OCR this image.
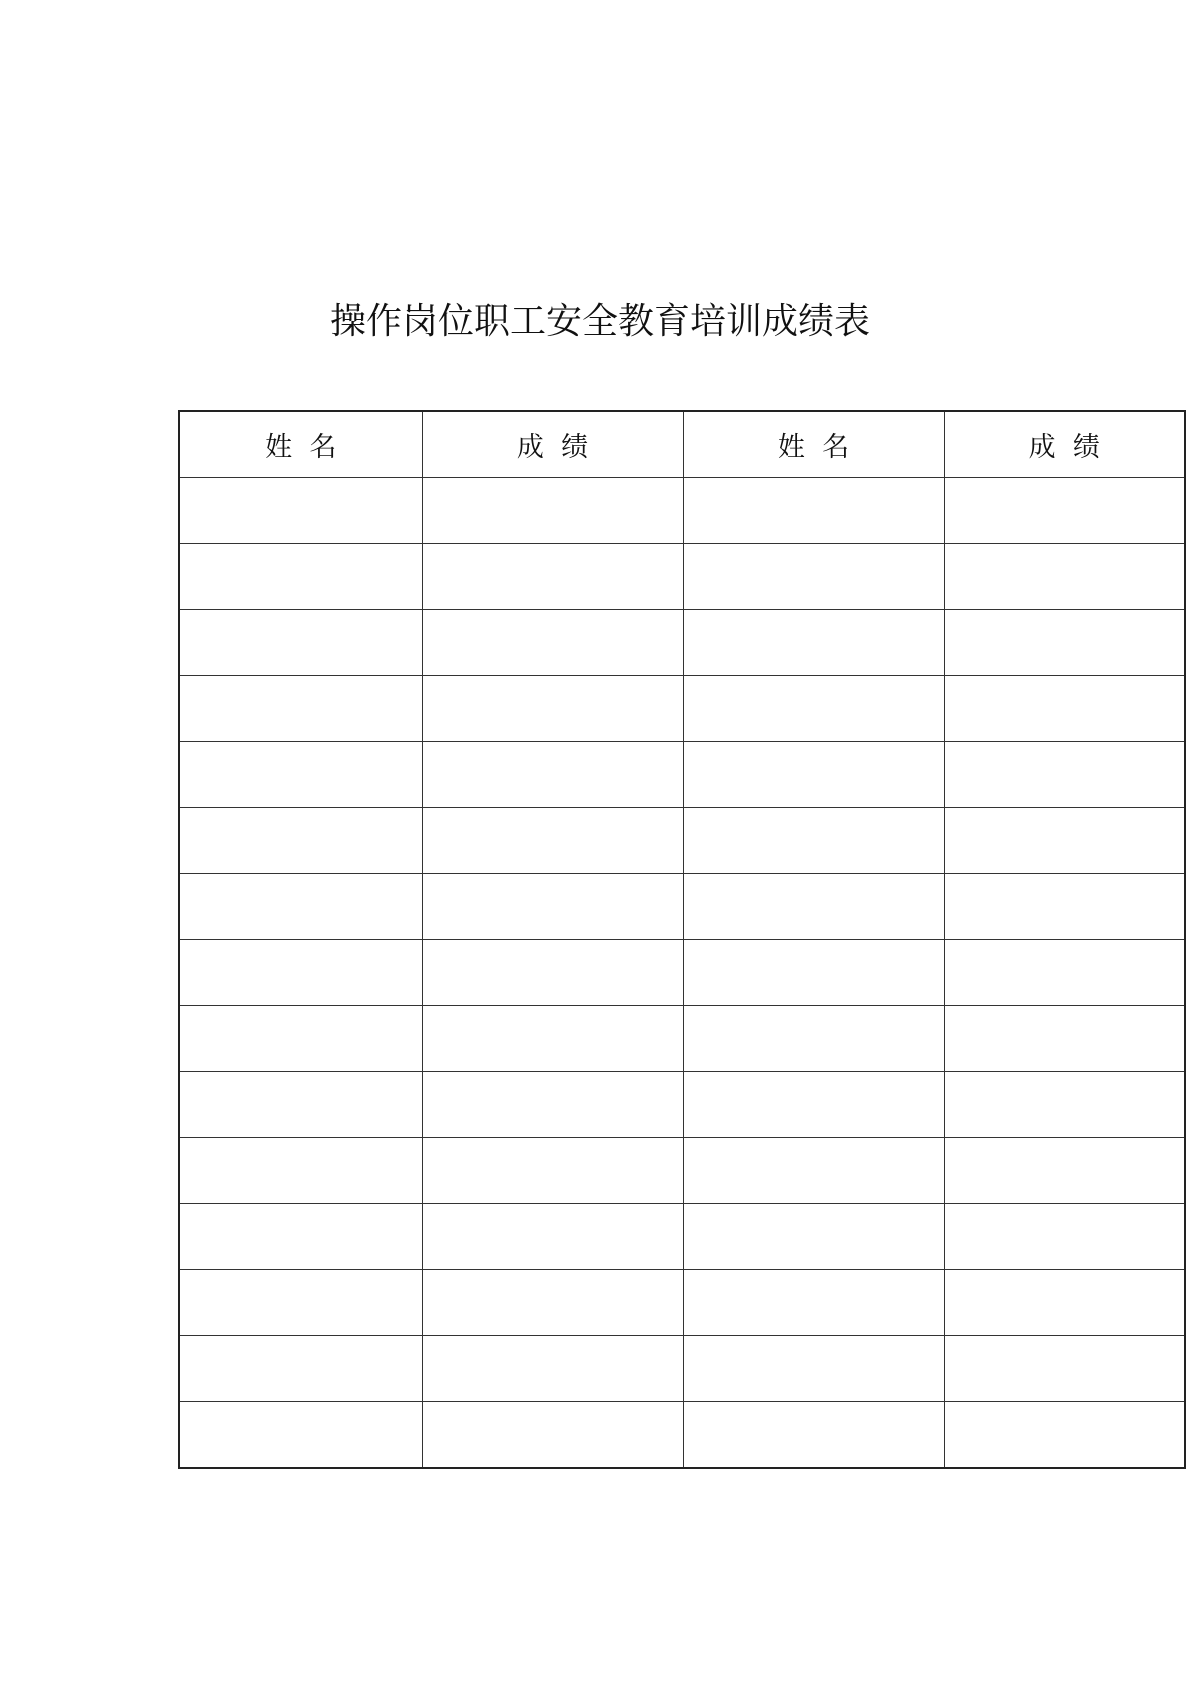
操作岗位职工安全教育培训成绩表
姓  名	成  绩	姓  名	成  绩
